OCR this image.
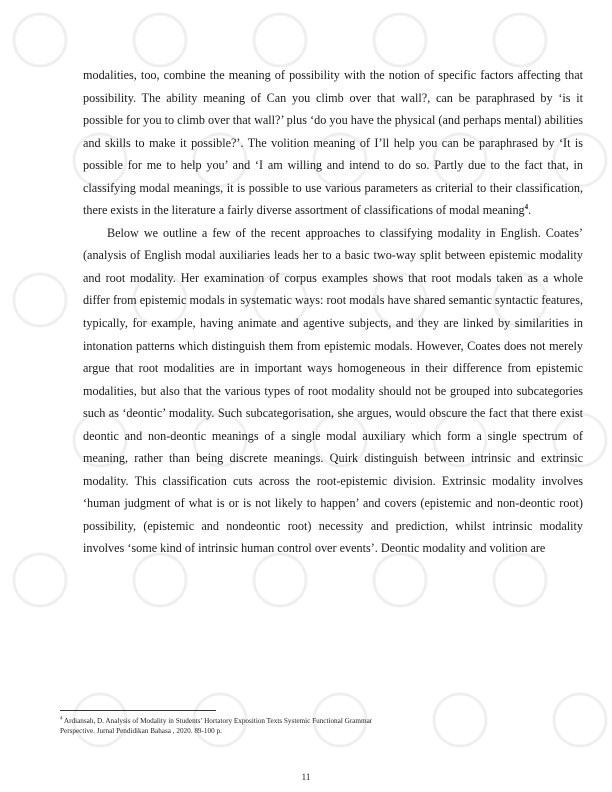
modalities, too, combine the meaning of possibility with the notion of specific factors affecting that possibility. The ability meaning of Can you climb over that wall?, can be paraphrased by ‘is it possible for you to climb over that wall?’ plus ‘do you have the physical (and perhaps mental) abilities and skills to make it possible?’. The volition meaning of I’ll help you can be paraphrased by ‘It is possible for me to help you’ and ‘I am willing and intend to do so. Partly due to the fact that, in classifying modal meanings, it is possible to use various parameters as criterial to their classification, there exists in the literature a fairly diverse assortment of classifications of modal meaning$^4$.

Below we outline a few of the recent approaches to classifying modality in English. Coates’ (analysis of English modal auxiliaries leads her to a basic two-way split between epistemic modality and root modality. Her examination of corpus examples shows that root modals taken as a whole differ from epistemic modals in systematic ways: root modals have shared semantic syntactic features, typically, for example, having animate and agentive subjects, and they are linked by similarities in intonation patterns which distinguish them from epistemic modals. However, Coates does not merely argue that root modalities are in important ways homogeneous in their difference from epistemic modalities, but also that the various types of root modality should not be grouped into subcategories such as ‘deontic’ modality. Such subcategorisation, she argues, would obscure the fact that there exist deontic and non-deontic meanings of a single modal auxiliary which form a single spectrum of meaning, rather than being discrete meanings. Quirk distinguish between intrinsic and extrinsic modality. This classification cuts across the root-epistemic division. Extrinsic modality involves ‘human judgment of what is or is not likely to happen’ and covers (epistemic and non-deontic root) possibility, (epistemic and nondeontic root) necessity and prediction, whilst intrinsic modality involves ‘some kind of intrinsic human control over events’. Deontic modality and volition are

$^4$ Ardiansah, D. Analysis of Modality in Students’ Hortatory Exposition Texts Systemic Functional Grammar
Perspective. Jurnal Pendidikan Bahasa , 2020. 89-100 p.
11
